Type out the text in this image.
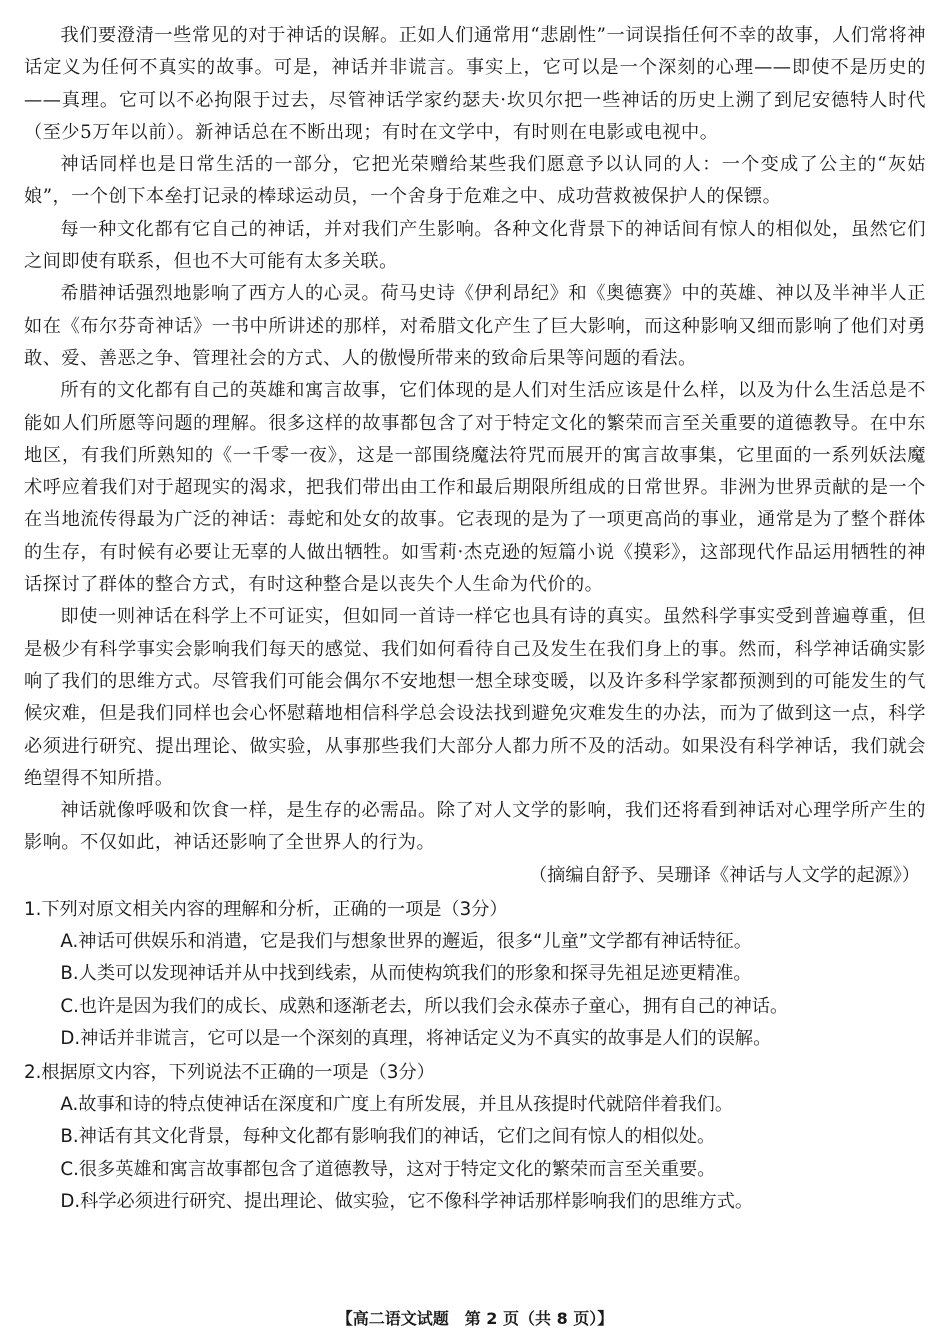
我们要澄清一些常见的对于神话的误解。正如人们通常用“悲剧性”一词误指任何不幸的故事，人们常将神话定义为任何不真实的故事。可是，神话并非谎言。事实上，它可以是一个深刻的心理——即使不是历史的——真理。它可以不必拘限于过去，尽管神话学家约瑟夫·坎贝尔把一些神话的历史上溯了到尼安德特人时代（至少5万年以前）。新神话总在不断出现；有时在文学中，有时则在电影或电视中。

神话同样也是日常生活的一部分，它把光荣赠给某些我们愿意予以认同的人：一个变成了公主的“灰姑娘”，一个创下本垒打记录的棒球运动员，一个舍身于危难之中、成功营救被保护人的保镖。

每一种文化都有它自己的神话，并对我们产生影响。各种文化背景下的神话间有惊人的相似处，虽然它们之间即使有联系，但也不大可能有太多关联。

希腊神话强烈地影响了西方人的心灵。荷马史诗《伊利昂纪》和《奥德赛》中的英雄、神以及半神半人正如在《布尔芬奇神话》一书中所讲述的那样，对希腊文化产生了巨大影响，而这种影响又细而影响了他们对勇敢、爱、善恶之争、管理社会的方式、人的傲慢所带来的致命后果等问题的看法。

所有的文化都有自己的英雄和寓言故事，它们体现的是人们对生活应该是什么样，以及为什么生活总是不能如人们所愿等问题的理解。很多这样的故事都包含了对于特定文化的繁荣而言至关重要的道德教导。在中东地区，有我们所熟知的《一千零一夜》，这是一部围绕魔法符咒而展开的寓言故事集，它里面的一系列妖法魔术呼应着我们对于超现实的渴求，把我们带出由工作和最后期限所组成的日常世界。非洲为世界贡献的是一个在当地流传得最为广泛的神话：毒蛇和处女的故事。它表现的是为了一项更高尚的事业，通常是为了整个群体的生存，有时候有必要让无辜的人做出牺牲。如雪莉·杰克逊的短篇小说《摸彩》，这部现代作品运用牺牲的神话探讨了群体的整合方式，有时这种整合是以丧失个人生命为代价的。

即使一则神话在科学上不可证实，但如同一首诗一样它也具有诗的真实。虽然科学事实受到普遍尊重，但是极少有科学事实会影响我们每天的感觉、我们如何看待自己及发生在我们身上的事。然而，科学神话确实影响了我们的思维方式。尽管我们可能会偶尔不安地想一想全球变暖，以及许多科学家都预测到的可能发生的气候灾难，但是我们同样也会心怀慰藉地相信科学总会设法找到避免灾难发生的办法，而为了做到这一点，科学必须进行研究、提出理论、做实验，从事那些我们大部分人都力所不及的活动。如果没有科学神话，我们就会绝望得不知所措。

神话就像呼吸和饮食一样，是生存的必需品。除了对人文学的影响，我们还将看到神话对心理学所产生的影响。不仅如此，神话还影响了全世界人的行为。

（摘编自舒予、吴珊译《神话与人文学的起源》）

1.下列对原文相关内容的理解和分析，正确的一项是（3分）

A.神话可供娱乐和消遣，它是我们与想象世界的邂逅，很多“儿童”文学都有神话特征。

B.人类可以发现神话并从中找到线索，从而使构筑我们的形象和探寻先祖足迹更精准。

C.也许是因为我们的成长、成熟和逐渐老去，所以我们会永葆赤子童心，拥有自己的神话。

D.神话并非谎言，它可以是一个深刻的真理，将神话定义为不真实的故事是人们的误解。

2.根据原文内容，下列说法不正确的一项是（3分）

A.故事和诗的特点使神话在深度和广度上有所发展，并且从孩提时代就陪伴着我们。

B.神话有其文化背景，每种文化都有影响我们的神话，它们之间有惊人的相似处。

C.很多英雄和寓言故事都包含了道德教导，这对于特定文化的繁荣而言至关重要。

D.科学必须进行研究、提出理论、做实验，它不像科学神话那样影响我们的思维方式。

【高二语文试题　第 2 页（共 8 页）】
